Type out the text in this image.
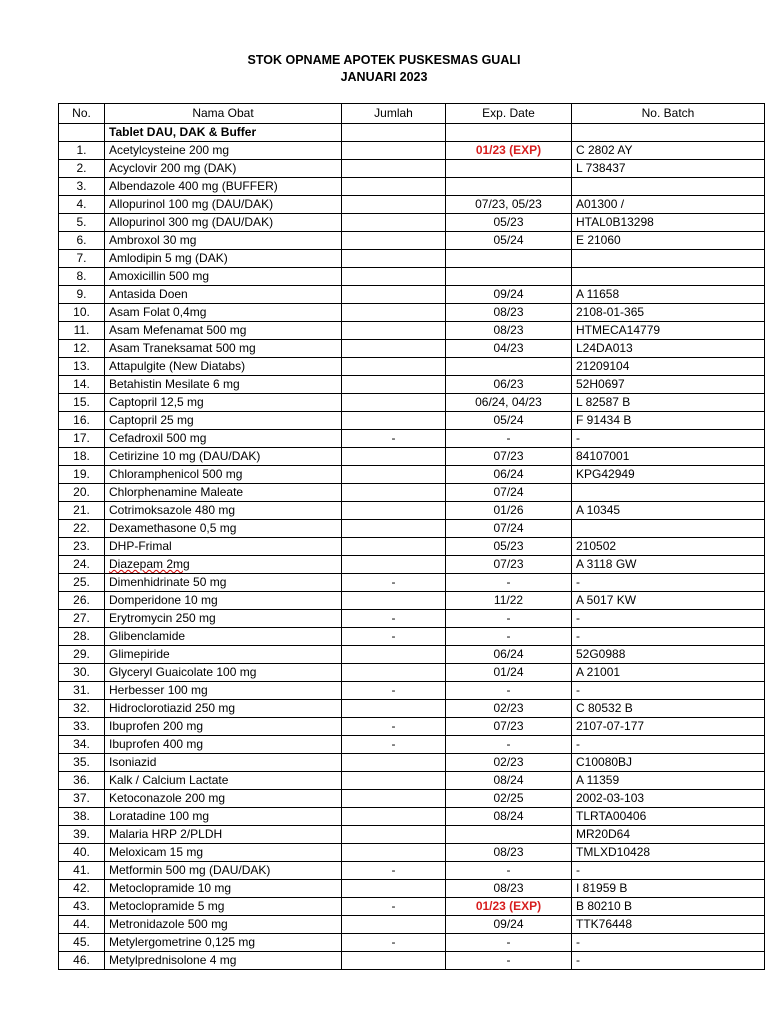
STOK OPNAME APOTEK PUSKESMAS GUALI
JANUARI 2023
No.	Nama Obat	Jumlah	Exp. Date	No. Batch
	Tablet DAU, DAK & Buffer			
1.	Acetylcysteine 200 mg		01/23 (EXP)	C 2802 AY
2.	Acyclovir 200 mg (DAK)			L 738437
3.	Albendazole 400 mg (BUFFER)			
4.	Allopurinol 100 mg (DAU/DAK)		07/23, 05/23	A01300 /
5.	Allopurinol 300 mg (DAU/DAK)		05/23	HTAL0B13298
6.	Ambroxol 30 mg		05/24	E 21060
7.	Amlodipin 5 mg (DAK)			
8.	Amoxicillin 500 mg			
9.	Antasida Doen		09/24	A 11658
10.	Asam Folat 0,4mg		08/23	2108-01-365
11.	Asam Mefenamat 500 mg		08/23	HTMECA14779
12.	Asam Traneksamat 500 mg		04/23	L24DA013
13.	Attapulgite (New Diatabs)			21209104
14.	Betahistin Mesilate 6 mg		06/23	52H0697
15.	Captopril 12,5 mg		06/24, 04/23	L 82587 B
16.	Captopril 25 mg		05/24	F 91434 B
17.	Cefadroxil 500 mg	-	-	-
18.	Cetirizine 10 mg (DAU/DAK)		07/23	84107001
19.	Chloramphenicol 500 mg		06/24	KPG42949
20.	Chlorphenamine Maleate		07/24	
21.	Cotrimoksazole 480 mg		01/26	A 10345
22.	Dexamethasone 0,5 mg		07/24	
23.	DHP-Frimal		05/23	210502
24.	Diazepam 2mg		07/23	A 3118 GW
25.	Dimenhidrinate 50 mg	-	-	-
26.	Domperidone 10 mg		11/22	A 5017 KW
27.	Erytromycin 250 mg	-	-	-
28.	Glibenclamide	-	-	-
29.	Glimepiride		06/24	52G0988
30.	Glyceryl Guaicolate 100 mg		01/24	A 21001
31.	Herbesser 100 mg	-	-	-
32.	Hidroclorotiazid 250 mg		02/23	C 80532 B
33.	Ibuprofen 200 mg	-	07/23	2107-07-177
34.	Ibuprofen 400 mg	-	-	-
35.	Isoniazid		02/23	C10080BJ
36.	Kalk / Calcium Lactate		08/24	A 11359
37.	Ketoconazole 200 mg		02/25	2002-03-103
38.	Loratadine 100 mg		08/24	TLRTA00406
39.	Malaria HRP 2/PLDH			MR20D64
40.	Meloxicam 15 mg		08/23	TMLXD10428
41.	Metformin 500 mg (DAU/DAK)	-	-	-
42.	Metoclopramide 10 mg		08/23	I 81959 B
43.	Metoclopramide 5 mg	-	01/23 (EXP)	B 80210 B
44.	Metronidazole 500 mg		09/24	TTK76448
45.	Metylergometrine 0,125 mg	-	-	-
46.	Metylprednisolone 4 mg		-	-
